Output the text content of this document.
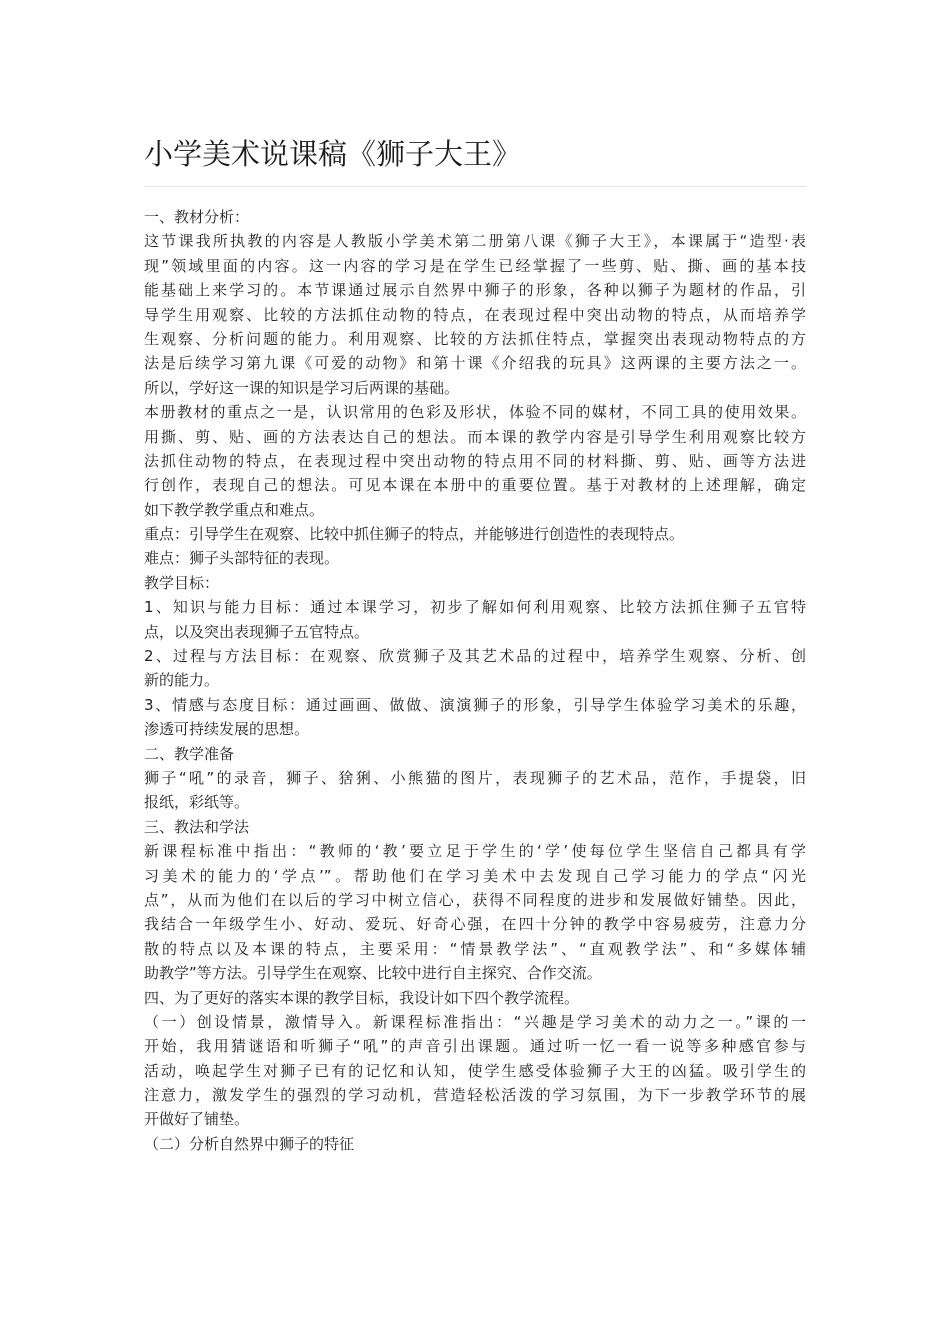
小学美术说课稿《狮子大王》
一、教材分析：
这节课我所执教的内容是人教版小学美术第二册第八课《狮子大王》，本课属于“造型·表
现”领域里面的内容。这一内容的学习是在学生已经掌握了一些剪、贴、撕、画的基本技
能基础上来学习的。本节课通过展示自然界中狮子的形象，各种以狮子为题材的作品，引
导学生用观察、比较的方法抓住动物的特点，在表现过程中突出动物的特点，从而培养学
生观察、分析问题的能力。利用观察、比较的方法抓住特点，掌握突出表现动物特点的方
法是后续学习第九课《可爱的动物》和第十课《介绍我的玩具》这两课的主要方法之一。
所以，学好这一课的知识是学习后两课的基础。
本册教材的重点之一是，认识常用的色彩及形状，体验不同的媒材，不同工具的使用效果。
用撕、剪、贴、画的方法表达自己的想法。而本课的教学内容是引导学生利用观察比较方
法抓住动物的特点，在表现过程中突出动物的特点用不同的材料撕、剪、贴、画等方法进
行创作，表现自己的想法。可见本课在本册中的重要位置。基于对教材的上述理解，确定
如下教学教学重点和难点。
重点：引导学生在观察、比较中抓住狮子的特点，并能够进行创造性的表现特点。
难点：狮子头部特征的表现。
教学目标：
1、知识与能力目标：通过本课学习，初步了解如何利用观察、比较方法抓住狮子五官特
点，以及突出表现狮子五官特点。
2、过程与方法目标：在观察、欣赏狮子及其艺术品的过程中，培养学生观察、分析、创
新的能力。
3、情感与态度目标：通过画画、做做、演演狮子的形象，引导学生体验学习美术的乐趣，
渗透可持续发展的思想。
二、教学准备
狮子“吼”的录音，狮子、猞猁、小熊猫的图片，表现狮子的艺术品，范作，手提袋，旧
报纸，彩纸等。
三、教法和学法
新课程标准中指出：“教师的‘教’要立足于学生的‘学’使每位学生坚信自己都具有学
习美术的能力的‘学点’”。帮助他们在学习美术中去发现自己学习能力的学点“闪光
点”，从而为他们在以后的学习中树立信心，获得不同程度的进步和发展做好铺垫。因此，
我结合一年级学生小、好动、爱玩、好奇心强，在四十分钟的教学中容易疲劳，注意力分
散的特点以及本课的特点，主要采用：“情景教学法”、“直观教学法”、和“多媒体辅
助教学”等方法。引导学生在观察、比较中进行自主探究、合作交流。
四、为了更好的落实本课的教学目标，我设计如下四个教学流程。
（一）创设情景，激情导入。新课程标准指出：“兴趣是学习美术的动力之一。”课的一
开始，我用猜谜语和听狮子“吼”的声音引出课题。通过听一忆一看一说等多种感官参与
活动，唤起学生对狮子已有的记忆和认知，使学生感受体验狮子大王的凶猛。吸引学生的
注意力，激发学生的强烈的学习动机，营造轻松活泼的学习氛围，为下一步教学环节的展
开做好了铺垫。
（二）分析自然界中狮子的特征
